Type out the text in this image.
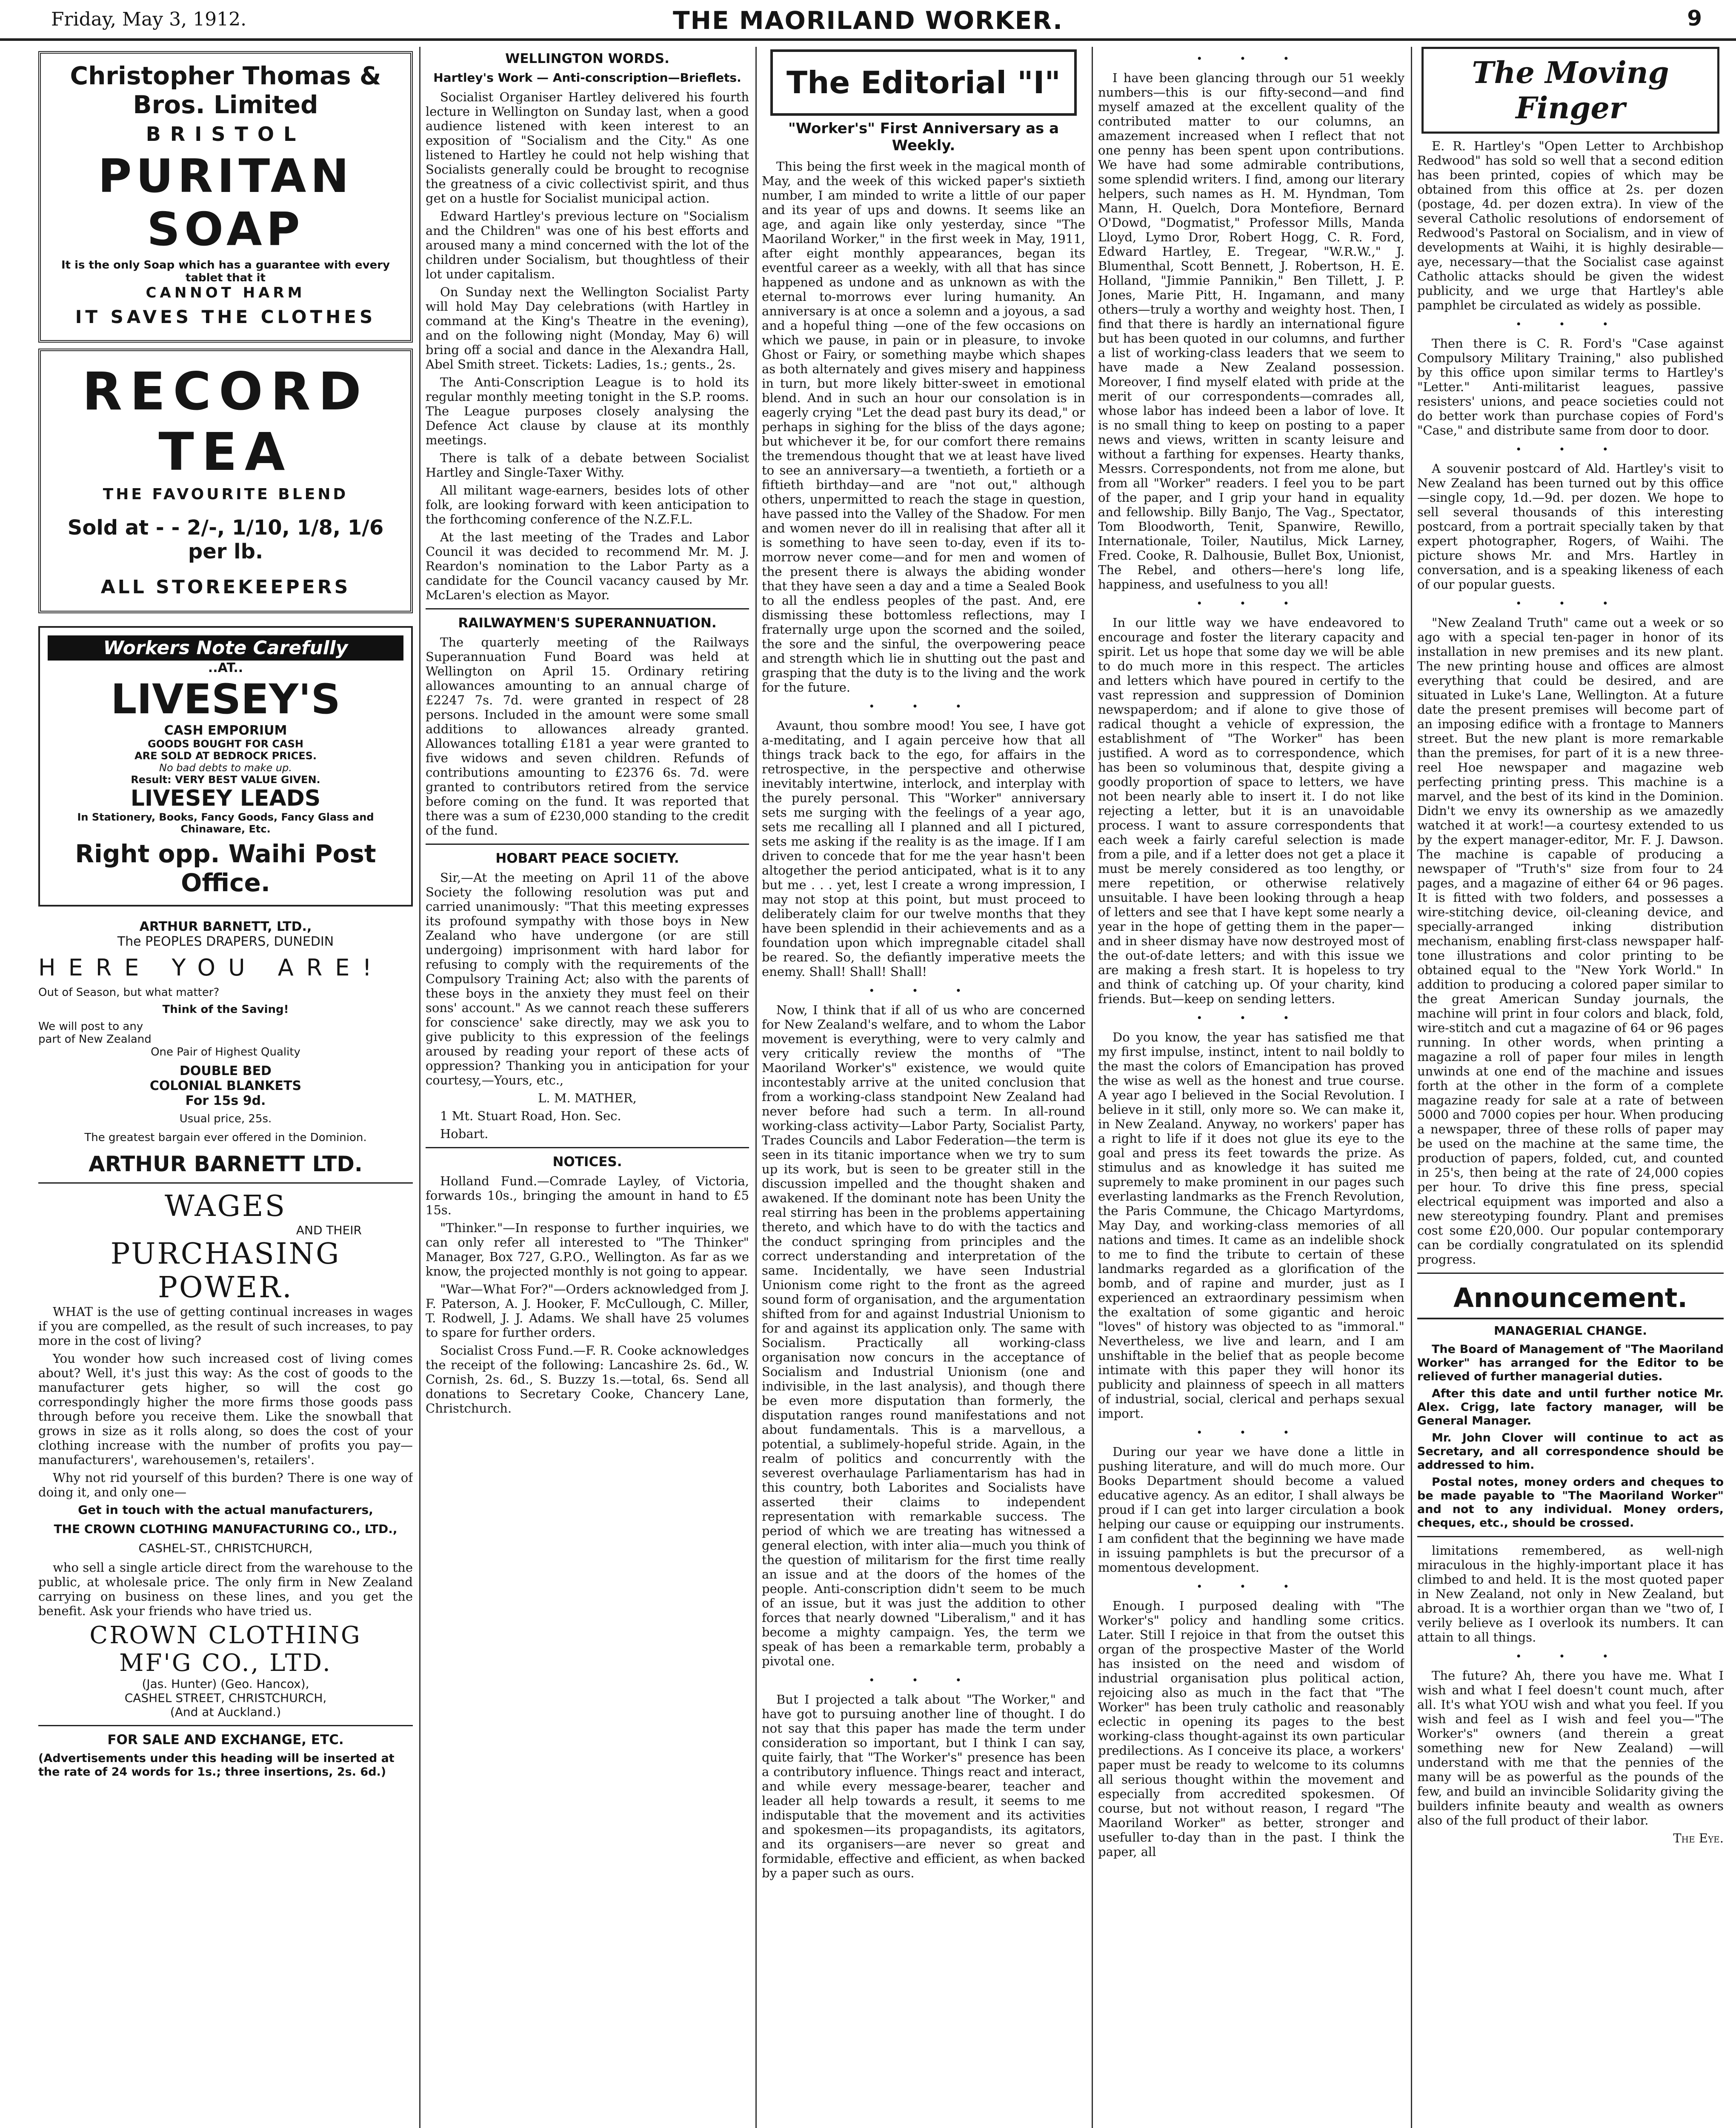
Friday, May 3, 1912.	THE MAORILAND WORKER.	9
Christopher Thomas & Bros. Limited
BRISTOL
PURITAN SOAP
It is the only Soap which has a guarantee with every tablet that it
CANNOT HARM
IT SAVES THE CLOTHES
RECORD TEA
THE FAVOURITE BLEND
Sold at - - 2/-, 1/10, 1/8, 1/6 per lb.
ALL STOREKEEPERS
Workers Note Carefully
..AT..
LIVESEY'S
CASH EMPORIUM
GOODS BOUGHT FOR CASH
ARE SOLD AT BEDROCK PRICES.
No bad debts to make up.
Result: VERY BEST VALUE GIVEN.
LIVESEY LEADS
In Stationery, Books, Fancy Goods, Fancy Glass and Chinaware, Etc.
Right opp. Waihi Post Office.
ARTHUR BARNETT, LTD.,
The PEOPLES DRAPERS, DUNEDIN
HERE YOU ARE!
Out of Season, but what matter?
Think of the Saving!
We will post to any
part of New Zealand
One Pair of Highest Quality
DOUBLE BED
COLONIAL BLANKETS
For 15s 9d.
Usual price, 25s.
The greatest bargain ever offered in the Dominion.
ARTHUR BARNETT LTD.
WAGES
AND THEIR
PURCHASING
POWER.

WHAT is the use of getting continual increases in wages if you are compelled, as the result of such increases, to pay more in the cost of living?

You wonder how such increased cost of living comes about? Well, it's just this way: As the cost of goods to the manufacturer gets higher, so will the cost go correspondingly higher the more firms those goods pass through before you receive them. Like the snowball that grows in size as it rolls along, so does the cost of your clothing increase with the number of profits you pay—manufacturers', warehousemen's, retailers'.

Why not rid yourself of this burden? There is one way of doing it, and only one—

Get in touch with the actual manufacturers,
THE CROWN CLOTHING MANUFACTURING CO., LTD.,
CASHEL-ST., CHRISTCHURCH,

who sell a single article direct from the warehouse to the public, at wholesale price. The only firm in New Zealand carrying on business on these lines, and you get the benefit. Ask your friends who have tried us.

CROWN CLOTHING
MF'G CO., LTD.
(Jas. Hunter) (Geo. Hancox),
CASHEL STREET, CHRISTCHURCH,
(And at Auckland.)
FOR SALE AND EXCHANGE, ETC.
(Advertisements under this heading will be inserted at the rate of 24 words for 1s.; three insertions, 2s. 6d.)
WELLINGTON WORDS.
Hartley's Work — Anti-conscription—Brieflets.

Socialist Organiser Hartley delivered his fourth lecture in Wellington on Sunday last, when a good audience listened with keen interest to an exposition of "Socialism and the City." As one listened to Hartley he could not help wishing that Socialists generally could be brought to recognise the greatness of a civic collectivist spirit, and thus get on a hustle for Socialist municipal action.

Edward Hartley's previous lecture on "Socialism and the Children" was one of his best efforts and aroused many a mind concerned with the lot of the children under Socialism, but thoughtless of their lot under capitalism.

On Sunday next the Wellington Socialist Party will hold May Day celebrations (with Hartley in command at the King's Theatre in the evening), and on the following night (Monday, May 6) will bring off a social and dance in the Alexandra Hall, Abel Smith street. Tickets: Ladies, 1s.; gents., 2s.

The Anti-Conscription League is to hold its regular monthly meeting tonight in the S.P. rooms. The League purposes closely analysing the Defence Act clause by clause at its monthly meetings.

There is talk of a debate between Socialist Hartley and Single-Taxer Withy.

All militant wage-earners, besides lots of other folk, are looking forward with keen anticipation to the forthcoming conference of the N.Z.F.L.

At the last meeting of the Trades and Labor Council it was decided to recommend Mr. M. J. Reardon's nomination to the Labor Party as a candidate for the Council vacancy caused by Mr. McLaren's election as Mayor.

RAILWAYMEN'S SUPERANNUATION.

The quarterly meeting of the Railways Superannuation Fund Board was held at Wellington on April 15. Ordinary retiring allowances amounting to an annual charge of £2247 7s. 7d. were granted in respect of 28 persons. Included in the amount were some small additions to allowances already granted. Allowances totalling £181 a year were granted to five widows and seven children. Refunds of contributions amounting to £2376 6s. 7d. were granted to contributors retired from the service before coming on the fund. It was reported that there was a sum of £230,000 standing to the credit of the fund.

HOBART PEACE SOCIETY.

Sir,—At the meeting on April 11 of the above Society the following resolution was put and carried unanimously: "That this meeting expresses its profound sympathy with those boys in New Zealand who have undergone (or are still undergoing) imprisonment with hard labor for refusing to comply with the requirements of the Compulsory Training Act; also with the parents of these boys in the anxiety they must feel on their sons' account." As we cannot reach these sufferers for conscience' sake directly, may we ask you to give publicity to this expression of the feelings aroused by reading your report of these acts of oppression? Thanking you in anticipation for your courtesy,—Yours, etc.,

L. M. MATHER,

1 Mt. Stuart Road, Hon. Sec.

Hobart.

NOTICES.

Holland Fund.—Comrade Layley, of Victoria, forwards 10s., bringing the amount in hand to £5 15s.

"Thinker."—In response to further inquiries, we can only refer all interested to "The Thinker" Manager, Box 727, G.P.O., Wellington. As far as we know, the projected monthly is not going to appear.

"War—What For?"—Orders acknowledged from J. F. Paterson, A. J. Hooker, F. McCullough, C. Miller, T. Rodwell, J. J. Adams. We shall have 25 volumes to spare for further orders.

Socialist Cross Fund.—F. R. Cooke acknowledges the receipt of the following: Lancashire 2s. 6d., W. Cornish, 2s. 6d., S. Buzzy 1s.—total, 6s. Send all donations to Secretary Cooke, Chancery Lane, Christchurch.

The Editorial "I"
"Worker's" First Anniversary as a Weekly.

This being the first week in the magical month of May, and the week of this wicked paper's sixtieth number, I am minded to write a little of our paper and its year of ups and downs. It seems like an age, and again like only yesterday, since "The Maoriland Worker," in the first week in May, 1911, after eight monthly appearances, began its eventful career as a weekly, with all that has since happened as undone and as unknown as with the eternal to-morrows ever luring humanity. An anniversary is at once a solemn and a joyous, a sad and a hopeful thing —one of the few occasions on which we pause, in pain or in pleasure, to invoke Ghost or Fairy, or something maybe which shapes as both alternately and gives misery and happiness in turn, but more likely bitter-sweet in emotional blend. And in such an hour our consolation is in eagerly crying "Let the dead past bury its dead," or perhaps in sighing for the bliss of the days agone; but whichever it be, for our comfort there remains the tremendous thought that we at least have lived to see an anniversary—a twentieth, a fortieth or a fiftieth birthday—and are "not out," although others, unpermitted to reach the stage in question, have passed into the Valley of the Shadow. For men and women never do ill in realising that after all it is something to have seen to-day, even if its to-morrow never come—and for men and women of the present there is always the abiding wonder that they have seen a day and a time a Sealed Book to all the endless peoples of the past. And, ere dismissing these bottomless reflections, may I fraternally urge upon the scorned and the soiled, the sore and the sinful, the overpowering peace and strength which lie in shutting out the past and grasping that the duty is to the living and the work for the future.

• • •

Avaunt, thou sombre mood! You see, I have got a-meditating, and I again perceive how that all things track back to the ego, for affairs in the retrospective, in the perspective and otherwise inevitably intertwine, interlock, and interplay with the purely personal. This "Worker" anniversary sets me surging with the feelings of a year ago, sets me recalling all I planned and all I pictured, sets me asking if the reality is as the image. If I am driven to concede that for me the year hasn't been altogether the period anticipated, what is it to any but me . . . yet, lest I create a wrong impression, I may not stop at this point, but must proceed to deliberately claim for our twelve months that they have been splendid in their achievements and as a foundation upon which impregnable citadel shall be reared. So, the defiantly imperative meets the enemy. Shall! Shall! Shall!

• • •

Now, I think that if all of us who are concerned for New Zealand's welfare, and to whom the Labor movement is everything, were to very calmly and very critically review the months of "The Maoriland Worker's" existence, we would quite incontestably arrive at the united conclusion that from a working-class standpoint New Zealand had never before had such a term. In all-round working-class activity—Labor Party, Socialist Party, Trades Councils and Labor Federation—the term is seen in its titanic importance when we try to sum up its work, but is seen to be greater still in the discussion impelled and the thought shaken and awakened. If the dominant note has been Unity the real stirring has been in the problems appertaining thereto, and which have to do with the tactics and the conduct springing from principles and the correct understanding and interpretation of the same. Incidentally, we have seen Industrial Unionism come right to the front as the agreed sound form of organisation, and the argumentation shifted from for and against Industrial Unionism to for and against its application only. The same with Socialism. Practically all working-class organisation now concurs in the acceptance of Socialism and Industrial Unionism (one and indivisible, in the last analysis), and though there be even more disputation than formerly, the disputation ranges round manifestations and not about fundamentals. This is a marvellous, a potential, a sublimely-hopeful stride. Again, in the realm of politics and concurrently with the severest overhaulage Parliamentarism has had in this country, both Laborites and Socialists have asserted their claims to independent representation with remarkable success. The period of which we are treating has witnessed a general election, with inter alia—much you think of the question of militarism for the first time really an issue and at the doors of the homes of the people. Anti-conscription didn't seem to be much of an issue, but it was just the addition to other forces that nearly downed "Liberalism," and it has become a mighty campaign. Yes, the term we speak of has been a remarkable term, probably a pivotal one.

• • •

But I projected a talk about "The Worker," and have got to pursuing another line of thought. I do not say that this paper has made the term under consideration so important, but I think I can say, quite fairly, that "The Worker's" presence has been a contributory influence. Things react and interact, and while every message-bearer, teacher and leader all help towards a result, it seems to me indisputable that the movement and its activities and spokesmen—its propagandists, its agitators, and its organisers—are never so great and formidable, effective and efficient, as when backed by a paper such as ours.

• • •

I have been glancing through our 51 weekly numbers—this is our fifty-second—and find myself amazed at the excellent quality of the contributed matter to our columns, an amazement increased when I reflect that not one penny has been spent upon contributions. We have had some admirable contributions, some splendid writers. I find, among our literary helpers, such names as H. M. Hyndman, Tom Mann, H. Quelch, Dora Montefiore, Bernard O'Dowd, "Dogmatist," Professor Mills, Manda Lloyd, Lymo Dror, Robert Hogg, C. R. Ford, Edward Hartley, E. Tregear, "W.R.W.," J. Blumenthal, Scott Bennett, J. Robertson, H. E. Holland, "Jimmie Pannikin," Ben Tillett, J. P. Jones, Marie Pitt, H. Ingamann, and many others—truly a worthy and weighty host. Then, I find that there is hardly an international figure but has been quoted in our columns, and further a list of working-class leaders that we seem to have made a New Zealand possession. Moreover, I find myself elated with pride at the merit of our correspondents—comrades all, whose labor has indeed been a labor of love. It is no small thing to keep on posting to a paper news and views, written in scanty leisure and without a farthing for expenses. Hearty thanks, Messrs. Correspondents, not from me alone, but from all "Worker" readers. I feel you to be part of the paper, and I grip your hand in equality and fellowship. Billy Banjo, The Vag., Spectator, Tom Bloodworth, Tenit, Spanwire, Rewillo, Internationale, Toiler, Nautilus, Mick Larney, Fred. Cooke, R. Dalhousie, Bullet Box, Unionist, The Rebel, and others—here's long life, happiness, and usefulness to you all!

• • •

In our little way we have endeavored to encourage and foster the literary capacity and spirit. Let us hope that some day we will be able to do much more in this respect. The articles and letters which have poured in certify to the vast repression and suppression of Dominion newspaperdom; and if alone to give those of radical thought a vehicle of expression, the establishment of "The Worker" has been justified. A word as to correspondence, which has been so voluminous that, despite giving a goodly proportion of space to letters, we have not been nearly able to insert it. I do not like rejecting a letter, but it is an unavoidable process. I want to assure correspondents that each week a fairly careful selection is made from a pile, and if a letter does not get a place it must be merely considered as too lengthy, or mere repetition, or otherwise relatively unsuitable. I have been looking through a heap of letters and see that I have kept some nearly a year in the hope of getting them in the paper—and in sheer dismay have now destroyed most of the out-of-date letters; and with this issue we are making a fresh start. It is hopeless to try and think of catching up. Of your charity, kind friends. But—keep on sending letters.

• • •

Do you know, the year has satisfied me that my first impulse, instinct, intent to nail boldly to the mast the colors of Emancipation has proved the wise as well as the honest and true course. A year ago I believed in the Social Revolution. I believe in it still, only more so. We can make it, in New Zealand. Anyway, no workers' paper has a right to life if it does not glue its eye to the goal and press its feet towards the prize. As stimulus and as knowledge it has suited me supremely to make prominent in our pages such everlasting landmarks as the French Revolution, the Paris Commune, the Chicago Martyrdoms, May Day, and working-class memories of all nations and times. It came as an indelible shock to me to find the tribute to certain of these landmarks regarded as a glorification of the bomb, and of rapine and murder, just as I experienced an extraordinary pessimism when the exaltation of some gigantic and heroic "loves" of history was objected to as "immoral." Nevertheless, we live and learn, and I am unshiftable in the belief that as people become intimate with this paper they will honor its publicity and plainness of speech in all matters of industrial, social, clerical and perhaps sexual import.

• • •

During our year we have done a little in pushing literature, and will do much more. Our Books Department should become a valued educative agency. As an editor, I shall always be proud if I can get into larger circulation a book helping our cause or equipping our instruments. I am confident that the beginning we have made in issuing pamphlets is but the precursor of a momentous development.

• • •

Enough. I purposed dealing with "The Worker's" policy and handling some critics. Later. Still I rejoice in that from the outset this organ of the prospective Master of the World has insisted on the need and wisdom of industrial organisation plus political action, rejoicing also as much in the fact that "The Worker" has been truly catholic and reasonably eclectic in opening its pages to the best working-class thought-against its own particular predilections. As I conceive its place, a workers' paper must be ready to welcome to its columns all serious thought within the movement and especially from accredited spokesmen. Of course, but not without reason, I regard "The Maoriland Worker" as better, stronger and usefuller to-day than in the past. I think the paper, all

The Moving Finger

E. R. Hartley's "Open Letter to Archbishop Redwood" has sold so well that a second edition has been printed, copies of which may be obtained from this office at 2s. per dozen (postage, 4d. per dozen extra). In view of the several Catholic resolutions of endorsement of Redwood's Pastoral on Socialism, and in view of developments at Waihi, it is highly desirable—aye, necessary—that the Socialist case against Catholic attacks should be given the widest publicity, and we urge that Hartley's able pamphlet be circulated as widely as possible.

• • •

Then there is C. R. Ford's "Case against Compulsory Military Training," also published by this office upon similar terms to Hartley's "Letter." Anti-militarist leagues, passive resisters' unions, and peace societies could not do better work than purchase copies of Ford's "Case," and distribute same from door to door.

• • •

A souvenir postcard of Ald. Hartley's visit to New Zealand has been turned out by this office—single copy, 1d.—9d. per dozen. We hope to sell several thousands of this interesting postcard, from a portrait specially taken by that expert photographer, Rogers, of Waihi. The picture shows Mr. and Mrs. Hartley in conversation, and is a speaking likeness of each of our popular guests.

• • •

"New Zealand Truth" came out a week or so ago with a special ten-pager in honor of its installation in new premises and its new plant. The new printing house and offices are almost everything that could be desired, and are situated in Luke's Lane, Wellington. At a future date the present premises will become part of an imposing edifice with a frontage to Manners street. But the new plant is more remarkable than the premises, for part of it is a new three-reel Hoe newspaper and magazine web perfecting printing press. This machine is a marvel, and the best of its kind in the Dominion. Didn't we envy its ownership as we amazedly watched it at work!—a courtesy extended to us by the expert manager-editor, Mr. F. J. Dawson. The machine is capable of producing a newspaper of "Truth's" size from four to 24 pages, and a magazine of either 64 or 96 pages. It is fitted with two folders, and possesses a wire-stitching device, oil-cleaning device, and specially-arranged inking distribution mechanism, enabling first-class newspaper half-tone illustrations and color printing to be obtained equal to the "New York World." In addition to producing a colored paper similar to the great American Sunday journals, the machine will print in four colors and black, fold, wire-stitch and cut a magazine of 64 or 96 pages running. In other words, when printing a magazine a roll of paper four miles in length unwinds at one end of the machine and issues forth at the other in the form of a complete magazine ready for sale at a rate of between 5000 and 7000 copies per hour. When producing a newspaper, three of these rolls of paper may be used on the machine at the same time, the production of papers, folded, cut, and counted in 25's, then being at the rate of 24,000 copies per hour. To drive this fine press, special electrical equipment was imported and also a new stereotyping foundry. Plant and premises cost some £20,000. Our popular contemporary can be cordially congratulated on its splendid progress.

Announcement.
MANAGERIAL CHANGE.

The Board of Management of "The Maoriland Worker" has arranged for the Editor to be relieved of further managerial duties.

After this date and until further notice Mr. Alex. Crigg, late factory manager, will be General Manager.

Mr. John Clover will continue to act as Secretary, and all correspondence should be addressed to him.

Postal notes, money orders and cheques to be made payable to "The Maoriland Worker" and not to any individual. Money orders, cheques, etc., should be crossed.

limitations remembered, as well-nigh miraculous in the highly-important place it has climbed to and held. It is the most quoted paper in New Zealand, not only in New Zealand, but abroad. It is a worthier organ than we "two of, I verily believe as I overlook its numbers. It can attain to all things.

• • •

The future? Ah, there you have me. What I wish and what I feel doesn't count much, after all. It's what YOU wish and what you feel. If you wish and feel as I wish and feel you—"The Worker's" owners (and therein a great something new for New Zealand) —will understand with me that the pennies of the many will be as powerful as the pounds of the few, and build an invincible Solidarity giving the builders infinite beauty and wealth as owners also of the full product of their labor.

The Eye.
